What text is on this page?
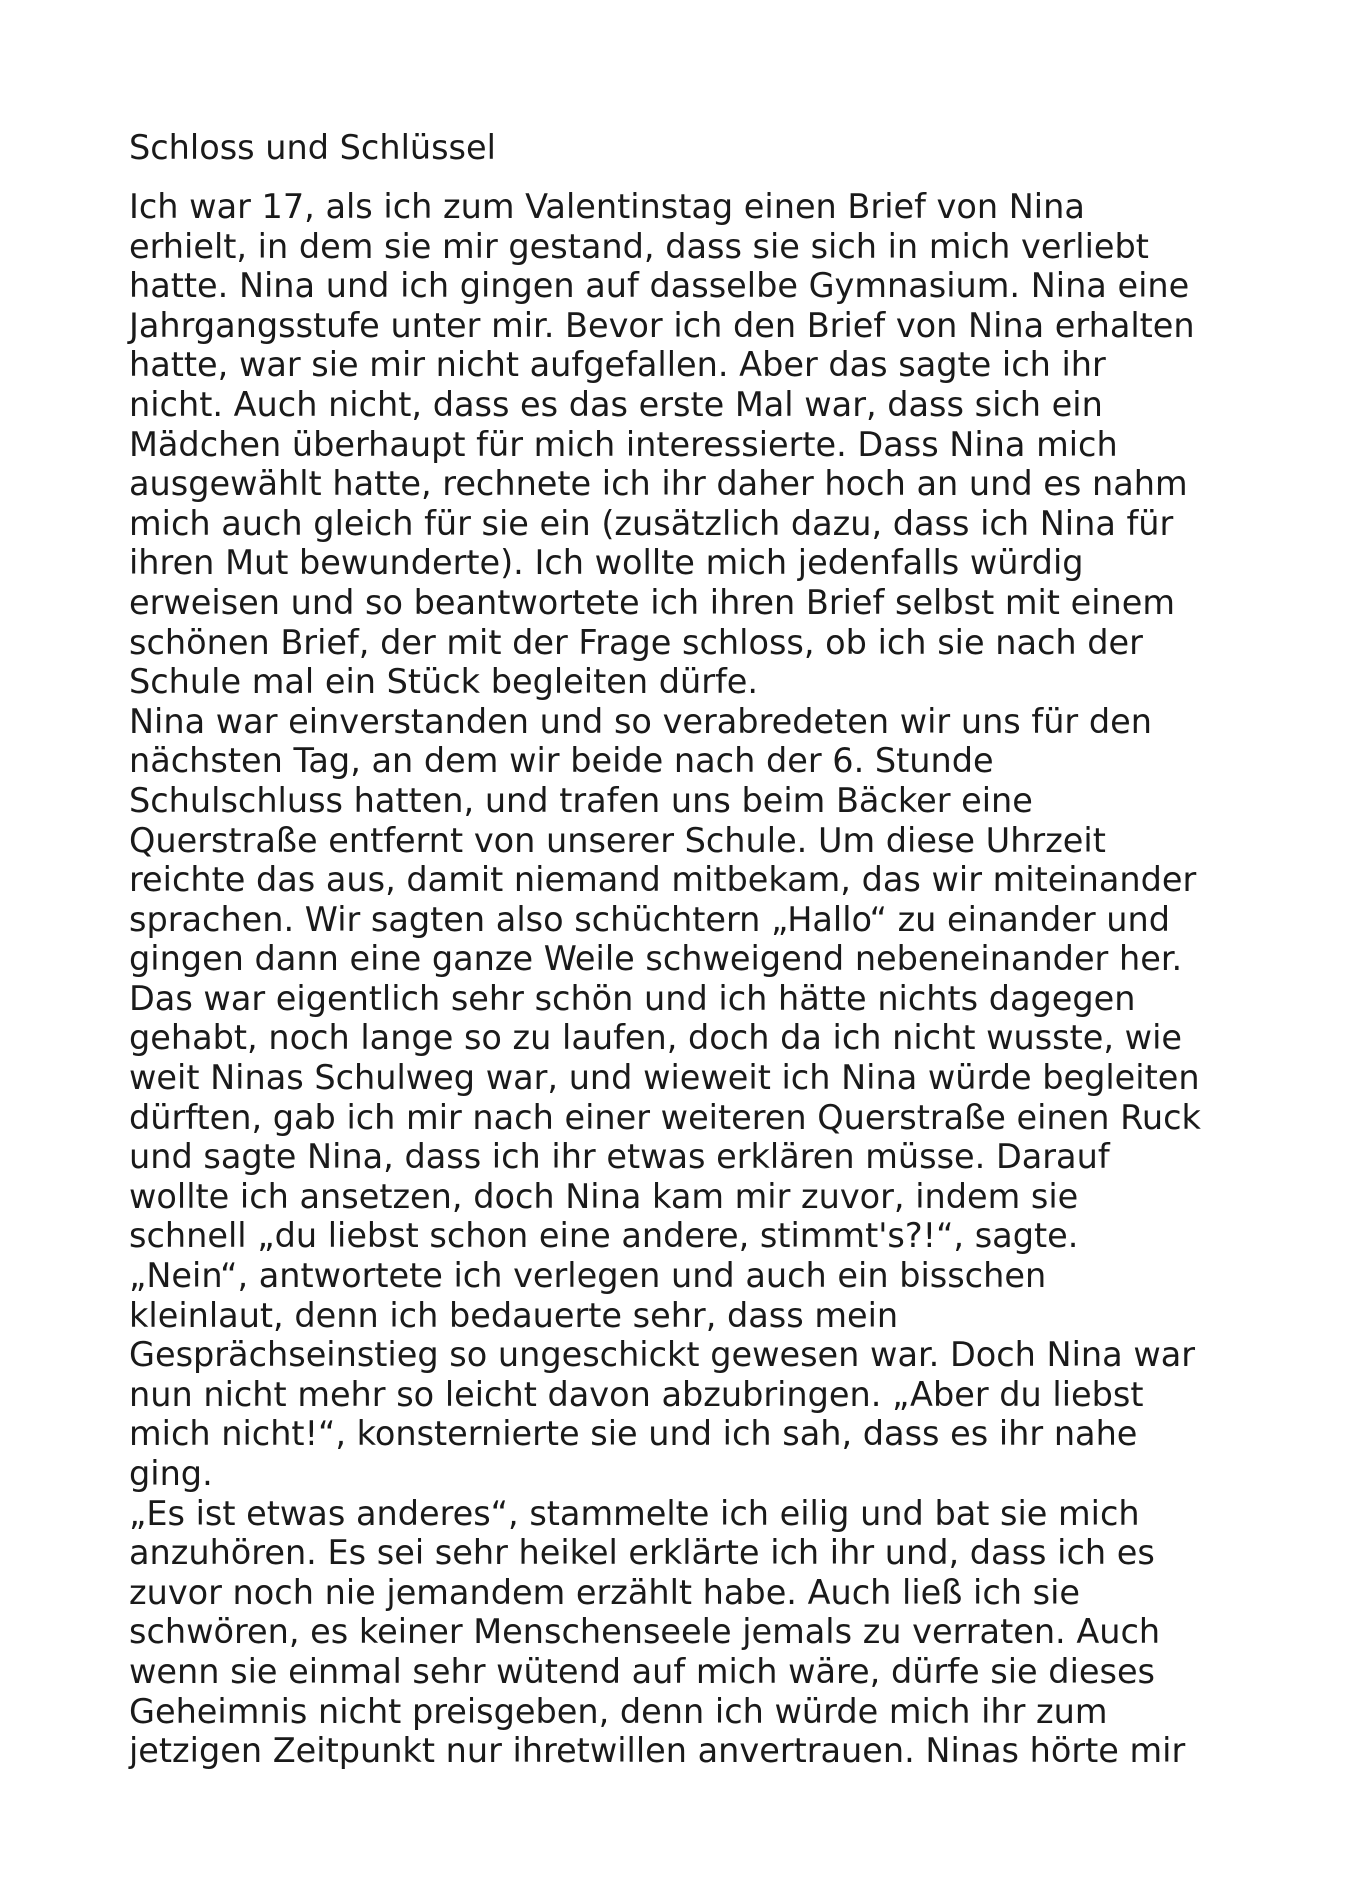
Schloss und Schlüssel
Ich war 17, als ich zum Valentinstag einen Brief von Nina
erhielt, in dem sie mir gestand, dass sie sich in mich verliebt
hatte. Nina und ich gingen auf dasselbe Gymnasium. Nina eine
Jahrgangsstufe unter mir. Bevor ich den Brief von Nina erhalten
hatte, war sie mir nicht aufgefallen. Aber das sagte ich ihr
nicht. Auch nicht, dass es das erste Mal war, dass sich ein
Mädchen überhaupt für mich interessierte. Dass Nina mich
ausgewählt hatte, rechnete ich ihr daher hoch an und es nahm
mich auch gleich für sie ein (zusätzlich dazu, dass ich Nina für
ihren Mut bewunderte). Ich wollte mich jedenfalls würdig
erweisen und so beantwortete ich ihren Brief selbst mit einem
schönen Brief, der mit der Frage schloss, ob ich sie nach der
Schule mal ein Stück begleiten dürfe.
Nina war einverstanden und so verabredeten wir uns für den
nächsten Tag, an dem wir beide nach der 6. Stunde
Schulschluss hatten, und trafen uns beim Bäcker eine
Querstraße entfernt von unserer Schule. Um diese Uhrzeit
reichte das aus, damit niemand mitbekam, das wir miteinander
sprachen. Wir sagten also schüchtern „Hallo“ zu einander und
gingen dann eine ganze Weile schweigend nebeneinander her.
Das war eigentlich sehr schön und ich hätte nichts dagegen
gehabt, noch lange so zu laufen, doch da ich nicht wusste, wie
weit Ninas Schulweg war, und wieweit ich Nina würde begleiten
dürften, gab ich mir nach einer weiteren Querstraße einen Ruck
und sagte Nina, dass ich ihr etwas erklären müsse. Darauf
wollte ich ansetzen, doch Nina kam mir zuvor, indem sie
schnell „du liebst schon eine andere, stimmt's?!“, sagte.
„Nein“, antwortete ich verlegen und auch ein bisschen
kleinlaut, denn ich bedauerte sehr, dass mein
Gesprächseinstieg so ungeschickt gewesen war. Doch Nina war
nun nicht mehr so leicht davon abzubringen. „Aber du liebst
mich nicht!“, konsternierte sie und ich sah, dass es ihr nahe
ging.
„Es ist etwas anderes“, stammelte ich eilig und bat sie mich
anzuhören. Es sei sehr heikel erklärte ich ihr und, dass ich es
zuvor noch nie jemandem erzählt habe. Auch ließ ich sie
schwören, es keiner Menschenseele jemals zu verraten. Auch
wenn sie einmal sehr wütend auf mich wäre, dürfe sie dieses
Geheimnis nicht preisgeben, denn ich würde mich ihr zum
jetzigen Zeitpunkt nur ihretwillen anvertrauen. Ninas hörte mir
